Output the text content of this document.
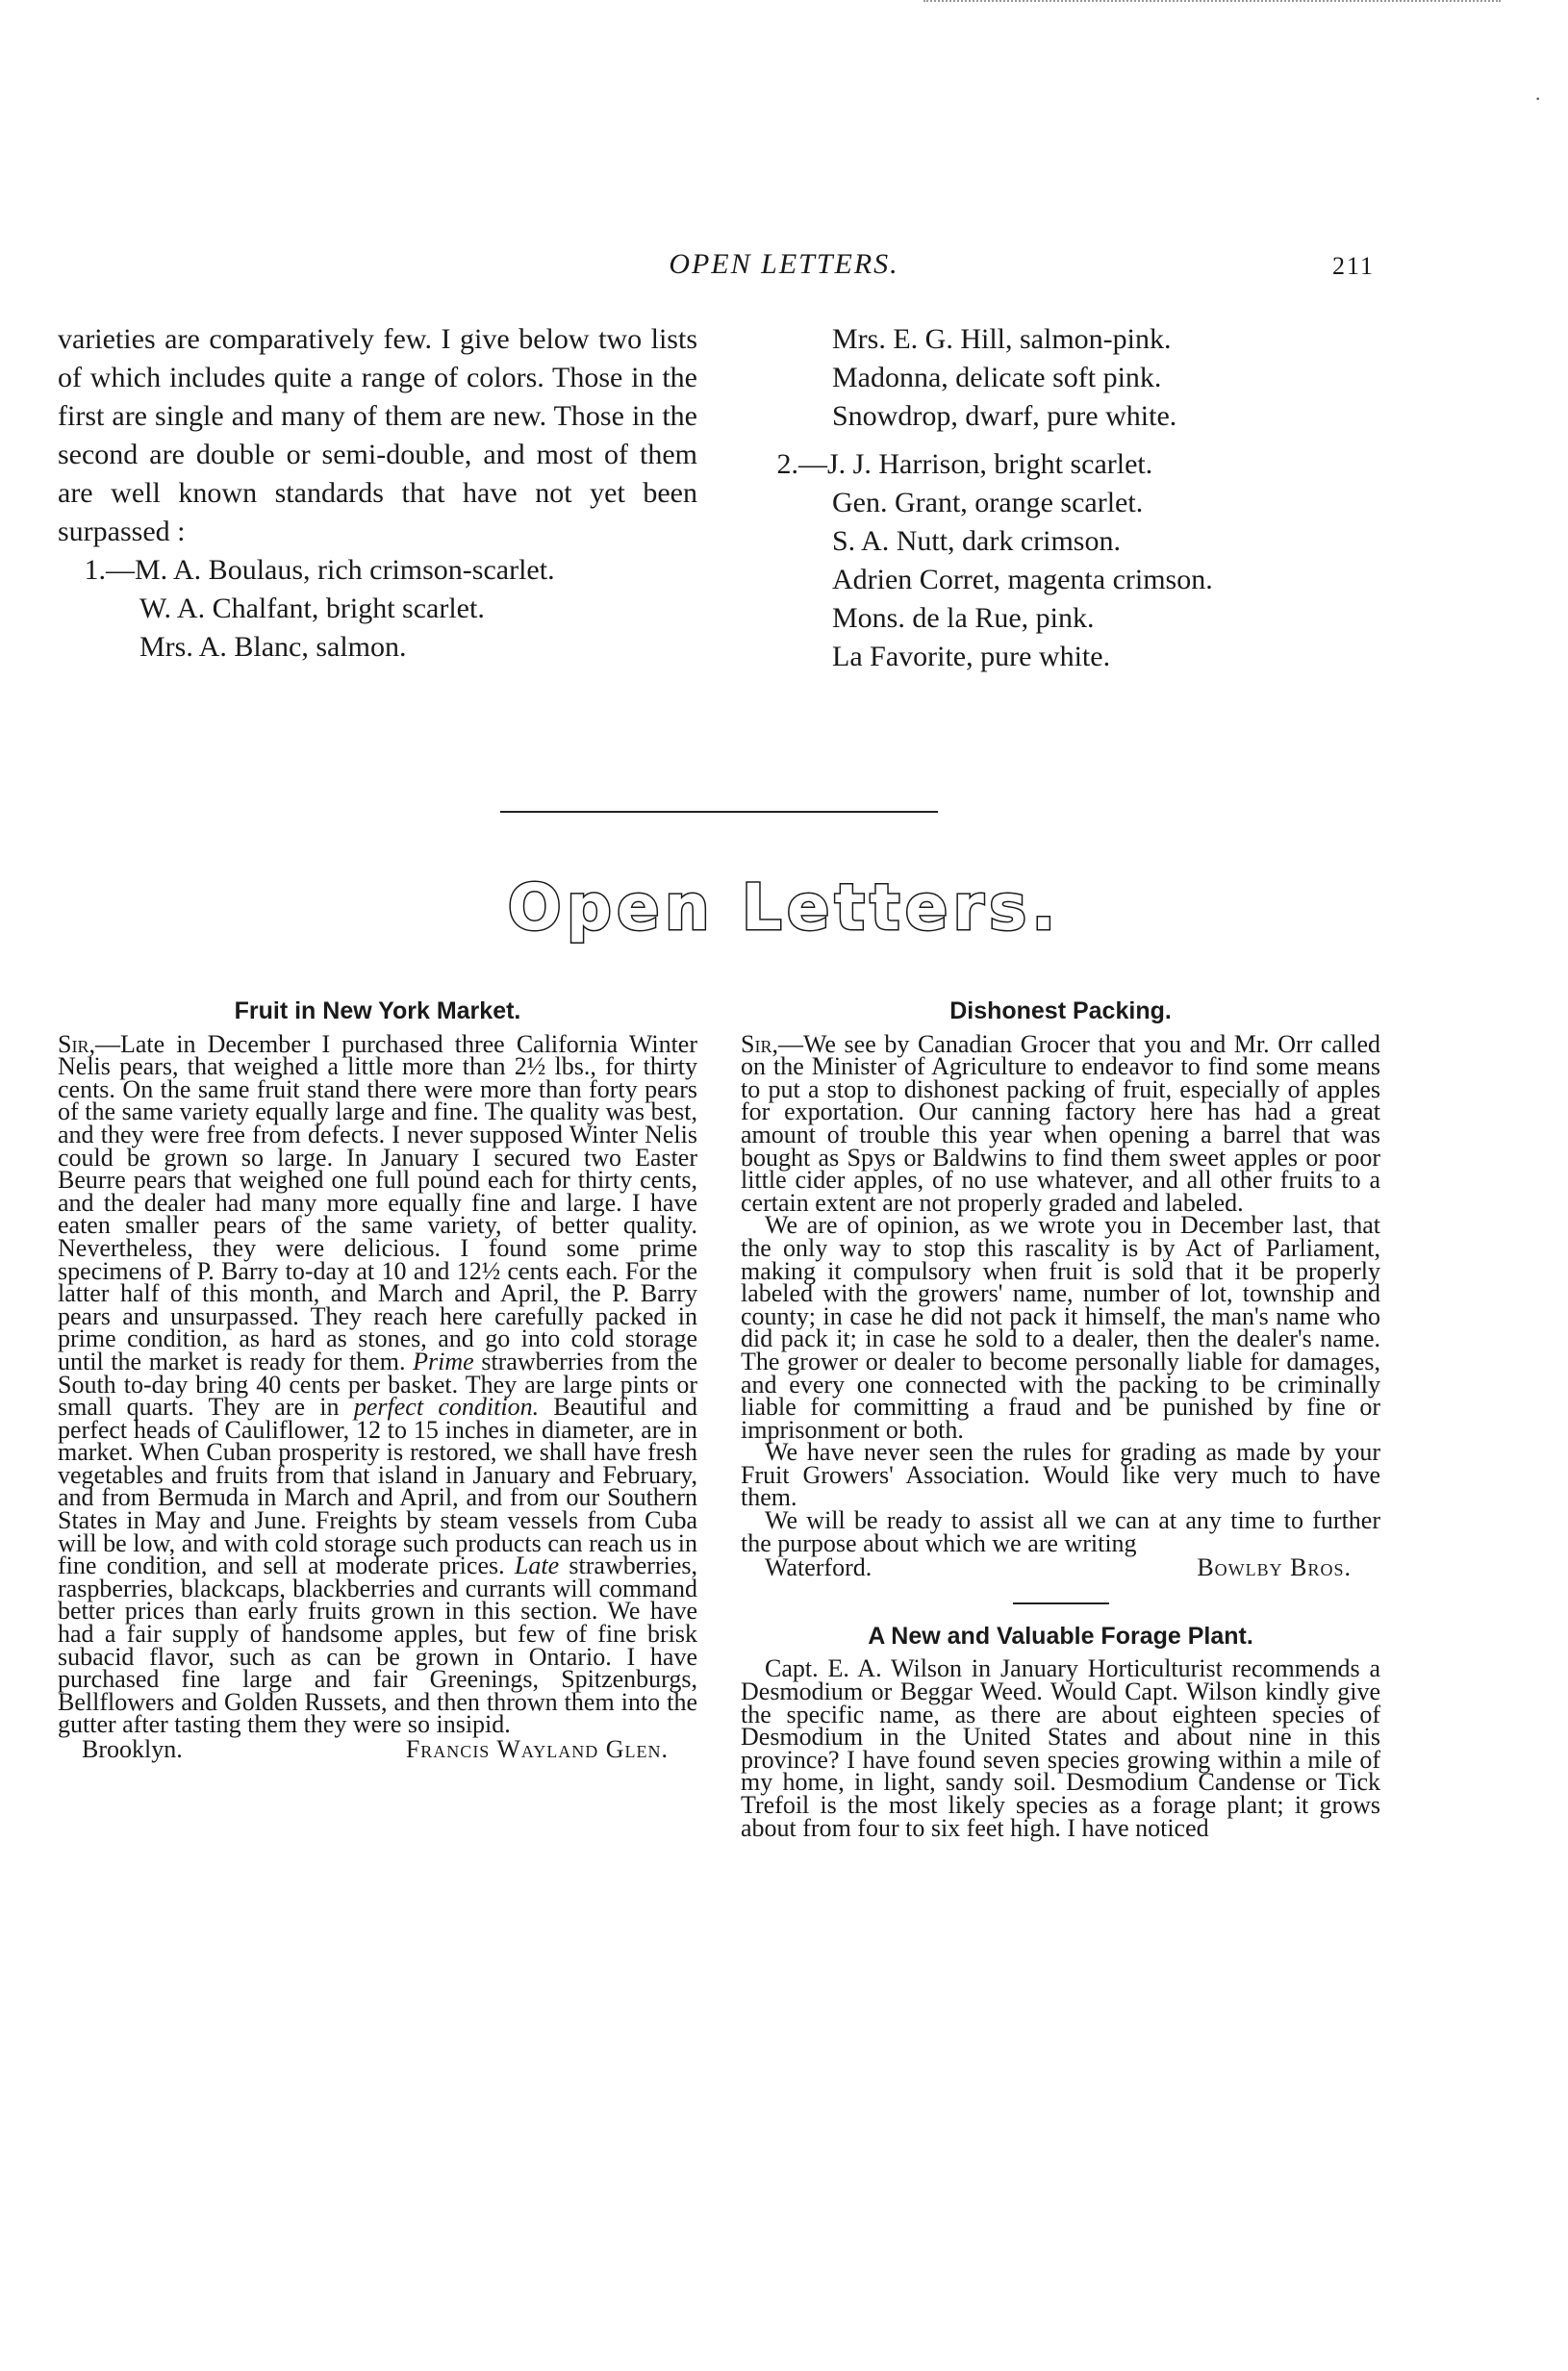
OPEN LETTERS.	211

varieties are comparatively few. I give below two lists of which includes quite a range of colors. Those in the first are single and many of them are new. Those in the second are double or semi-double, and most of them are well known standards that have not yet been surpassed :

1.—M. A. Boulaus, rich crimson-scarlet.
W. A. Chalfant, bright scarlet.
Mrs. A. Blanc, salmon.
Mrs. E. G. Hill, salmon-pink.
Madonna, delicate soft pink.
Snowdrop, dwarf, pure white.
2.—J. J. Harrison, bright scarlet.
Gen. Grant, orange scarlet.
S. A. Nutt, dark crimson.
Adrien Corret, magenta crimson.
Mons. de la Rue, pink.
La Favorite, pure white.
Open Letters.
Fruit in New York Market.

Sir,—Late in December I purchased three California Winter Nelis pears, that weighed a little more than 2½ lbs., for thirty cents. On the same fruit stand there were more than forty pears of the same variety equally large and fine. The quality was best, and they were free from defects. I never supposed Winter Nelis could be grown so large. In January I secured two Easter Beurre pears that weighed one full pound each for thirty cents, and the dealer had many more equally fine and large. I have eaten smaller pears of the same variety, of better quality. Nevertheless, they were delicious. I found some prime specimens of P. Barry to-day at 10 and 12½ cents each. For the latter half of this month, and March and April, the P. Barry pears and unsurpassed. They reach here carefully packed in prime condition, as hard as stones, and go into cold storage until the market is ready for them. Prime strawberries from the South to-day bring 40 cents per basket. They are large pints or small quarts. They are in perfect condition. Beautiful and perfect heads of Cauliflower, 12 to 15 inches in diameter, are in market. When Cuban prosperity is restored, we shall have fresh vegetables and fruits from that island in January and February, and from Bermuda in March and April, and from our Southern States in May and June. Freights by steam vessels from Cuba will be low, and with cold storage such products can reach us in fine condition, and sell at moderate prices. Late strawberries, raspberries, blackcaps, blackberries and currants will command better prices than early fruits grown in this section. We have had a fair supply of handsome apples, but few of fine brisk subacid flavor, such as can be grown in Ontario. I have purchased fine large and fair Greenings, Spitzenburgs, Bellflowers and Golden Russets, and then thrown them into the gutter after tasting them they were so insipid.

Brooklyn.	Francis Wayland Glen.
Dishonest Packing.

Sir,—We see by Canadian Grocer that you and Mr. Orr called on the Minister of Agriculture to endeavor to find some means to put a stop to dishonest packing of fruit, especially of apples for exportation. Our canning factory here has had a great amount of trouble this year when opening a barrel that was bought as Spys or Baldwins to find them sweet apples or poor little cider apples, of no use whatever, and all other fruits to a certain extent are not properly graded and labeled.

We are of opinion, as we wrote you in December last, that the only way to stop this rascality is by Act of Parliament, making it compulsory when fruit is sold that it be properly labeled with the growers' name, number of lot, township and county; in case he did not pack it himself, the man's name who did pack it; in case he sold to a dealer, then the dealer's name. The grower or dealer to become personally liable for damages, and every one connected with the packing to be criminally liable for committing a fraud and be punished by fine or imprisonment or both.

We have never seen the rules for grading as made by your Fruit Growers' Association. Would like very much to have them.

We will be ready to assist all we can at any time to further the purpose about which we are writing

Waterford.	Bowlby Bros.
A New and Valuable Forage Plant.

Capt. E. A. Wilson in January Horticulturist recommends a Desmodium or Beggar Weed. Would Capt. Wilson kindly give the specific name, as there are about eighteen species of Desmodium in the United States and about nine in this province? I have found seven species growing within a mile of my home, in light, sandy soil. Desmodium Candense or Tick Trefoil is the most likely species as a forage plant; it grows about from four to six feet high. I have noticed

·
